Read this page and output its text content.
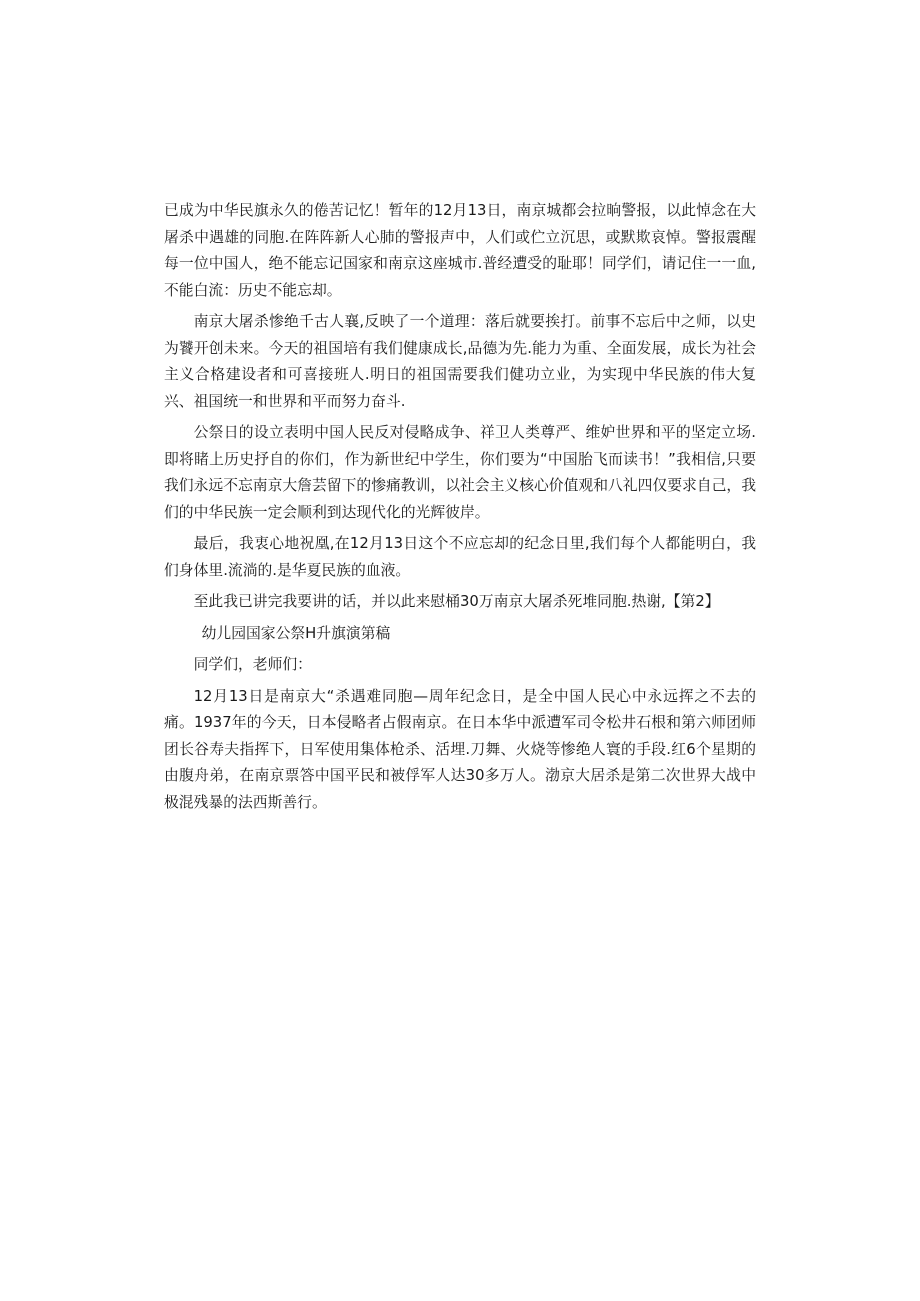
已成为中华民旗永久的倦苦记忆！暂年的12月13日，南京城都会拉晌警报，以此悼念在大屠杀中遇雄的同胞.在阵阵新人心肺的警报声中，人们或伫立沉思，或默欺哀悼。警报震醒每一位中国人，绝不能忘记国家和南京这座城市.普经遭受的耻耶！同学们，请记住一一血,不能白流：历史不能忘却。

南京大屠杀惨绝千古人襄,反映了一个道理：落后就要挨打。前事不忘后中之师，以史为饕开创未来。今天的祖国培有我们健康成长,品德为先.能力为重、全面发展，成长为社会主义合格建设者和可喜接班人.明日的祖国需要我们健功立业，为实现中华民族的伟大复兴、祖国统一和世界和平而努力奋斗.

公祭日的设立表明中国人民反对侵略成争、祥卫人类尊严、维妒世界和平的坚定立场.即将睹上历史抒自的你们，作为新世纪中学生，你们要为“中国胎飞而读书！”我相信,只要我们永远不忘南京大詹芸留下的惨痛教训，以社会主义核心价值观和八礼四仅要求自己，我们的中华民族一定会顺利到达现代化的光辉彼岸。

最后，我衷心地祝凰,在12月13日这个不应忘却的纪念日里,我们每个人都能明白，我们身体里.流淌的.是华夏民族的血液。

至此我已讲完我要讲的话，并以此来慰桶30万南京大屠杀死堆同胞.热谢,【第2】

幼儿园国家公祭H升旗演第稿

同学们，老师们：

12月13日是南京大“杀遇难同胞—周年纪念日，是全中国人民心中永远挥之不去的痛。1937年的今天，日本侵略者占假南京。在日本华中派遭军司令松井石根和第六师团师团长谷寿夫指挥下，日军使用集体枪杀、活埋.刀舞、火烧等惨绝人寰的手段.红6个星期的由腹舟弟，在南京票答中国平民和被俘军人达30多万人。渤京大居杀是第二次世界大战中极混残暴的法西斯善行。
